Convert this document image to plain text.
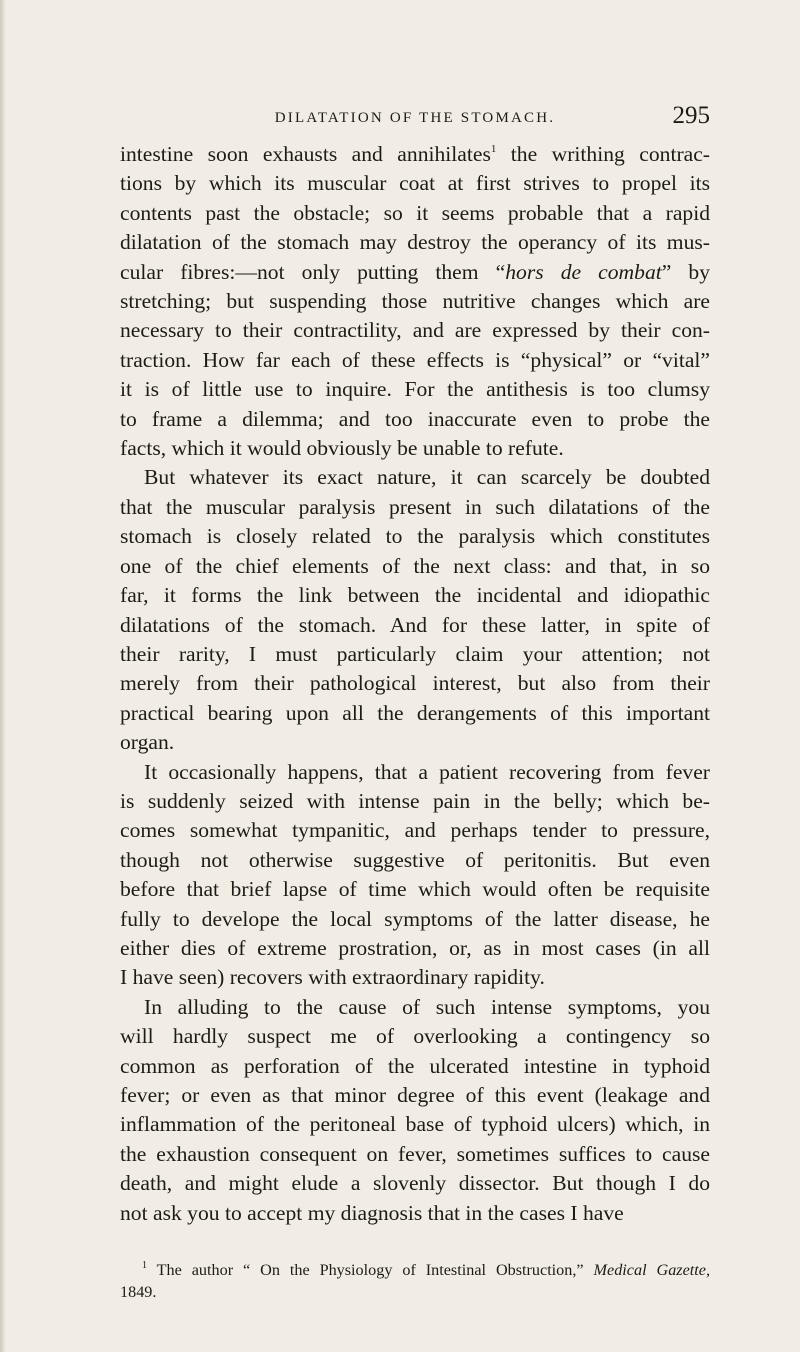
DILATATION OF THE STOMACH.	295

intestine soon exhausts and annihilates$^1$ the writhing contrac-

tions by which its muscular coat at first strives to propel its

contents past the obstacle; so it seems probable that a rapid

dilatation of the stomach may destroy the operancy of its mus-

cular fibres:—not only putting them “hors de combat” by

stretching; but suspending those nutritive changes which are

necessary to their contractility, and are expressed by their con-

traction. How far each of these effects is “physical” or “vital”

it is of little use to inquire. For the antithesis is too clumsy

to frame a dilemma; and too inaccurate even to probe the

facts, which it would obviously be unable to refute.

But whatever its exact nature, it can scarcely be doubted

that the muscular paralysis present in such dilatations of the

stomach is closely related to the paralysis which constitutes

one of the chief elements of the next class: and that, in so

far, it forms the link between the incidental and idiopathic

dilatations of the stomach. And for these latter, in spite of

their rarity, I must particularly claim your attention; not

merely from their pathological interest, but also from their

practical bearing upon all the derangements of this important

organ.

It occasionally happens, that a patient recovering from fever

is suddenly seized with intense pain in the belly; which be-

comes somewhat tympanitic, and perhaps tender to pressure,

though not otherwise suggestive of peritonitis. But even

before that brief lapse of time which would often be requisite

fully to develope the local symptoms of the latter disease, he

either dies of extreme prostration, or, as in most cases (in all

I have seen) recovers with extraordinary rapidity.

In alluding to the cause of such intense symptoms, you

will hardly suspect me of overlooking a contingency so

common as perforation of the ulcerated intestine in typhoid

fever; or even as that minor degree of this event (leakage and

inflammation of the peritoneal base of typhoid ulcers) which, in

the exhaustion consequent on fever, sometimes suffices to cause

death, and might elude a slovenly dissector. But though I do

not ask you to accept my diagnosis that in the cases I have

$^1$ The author “ On the Physiology of Intestinal Obstruction,” Medical Gazette,

1849.
